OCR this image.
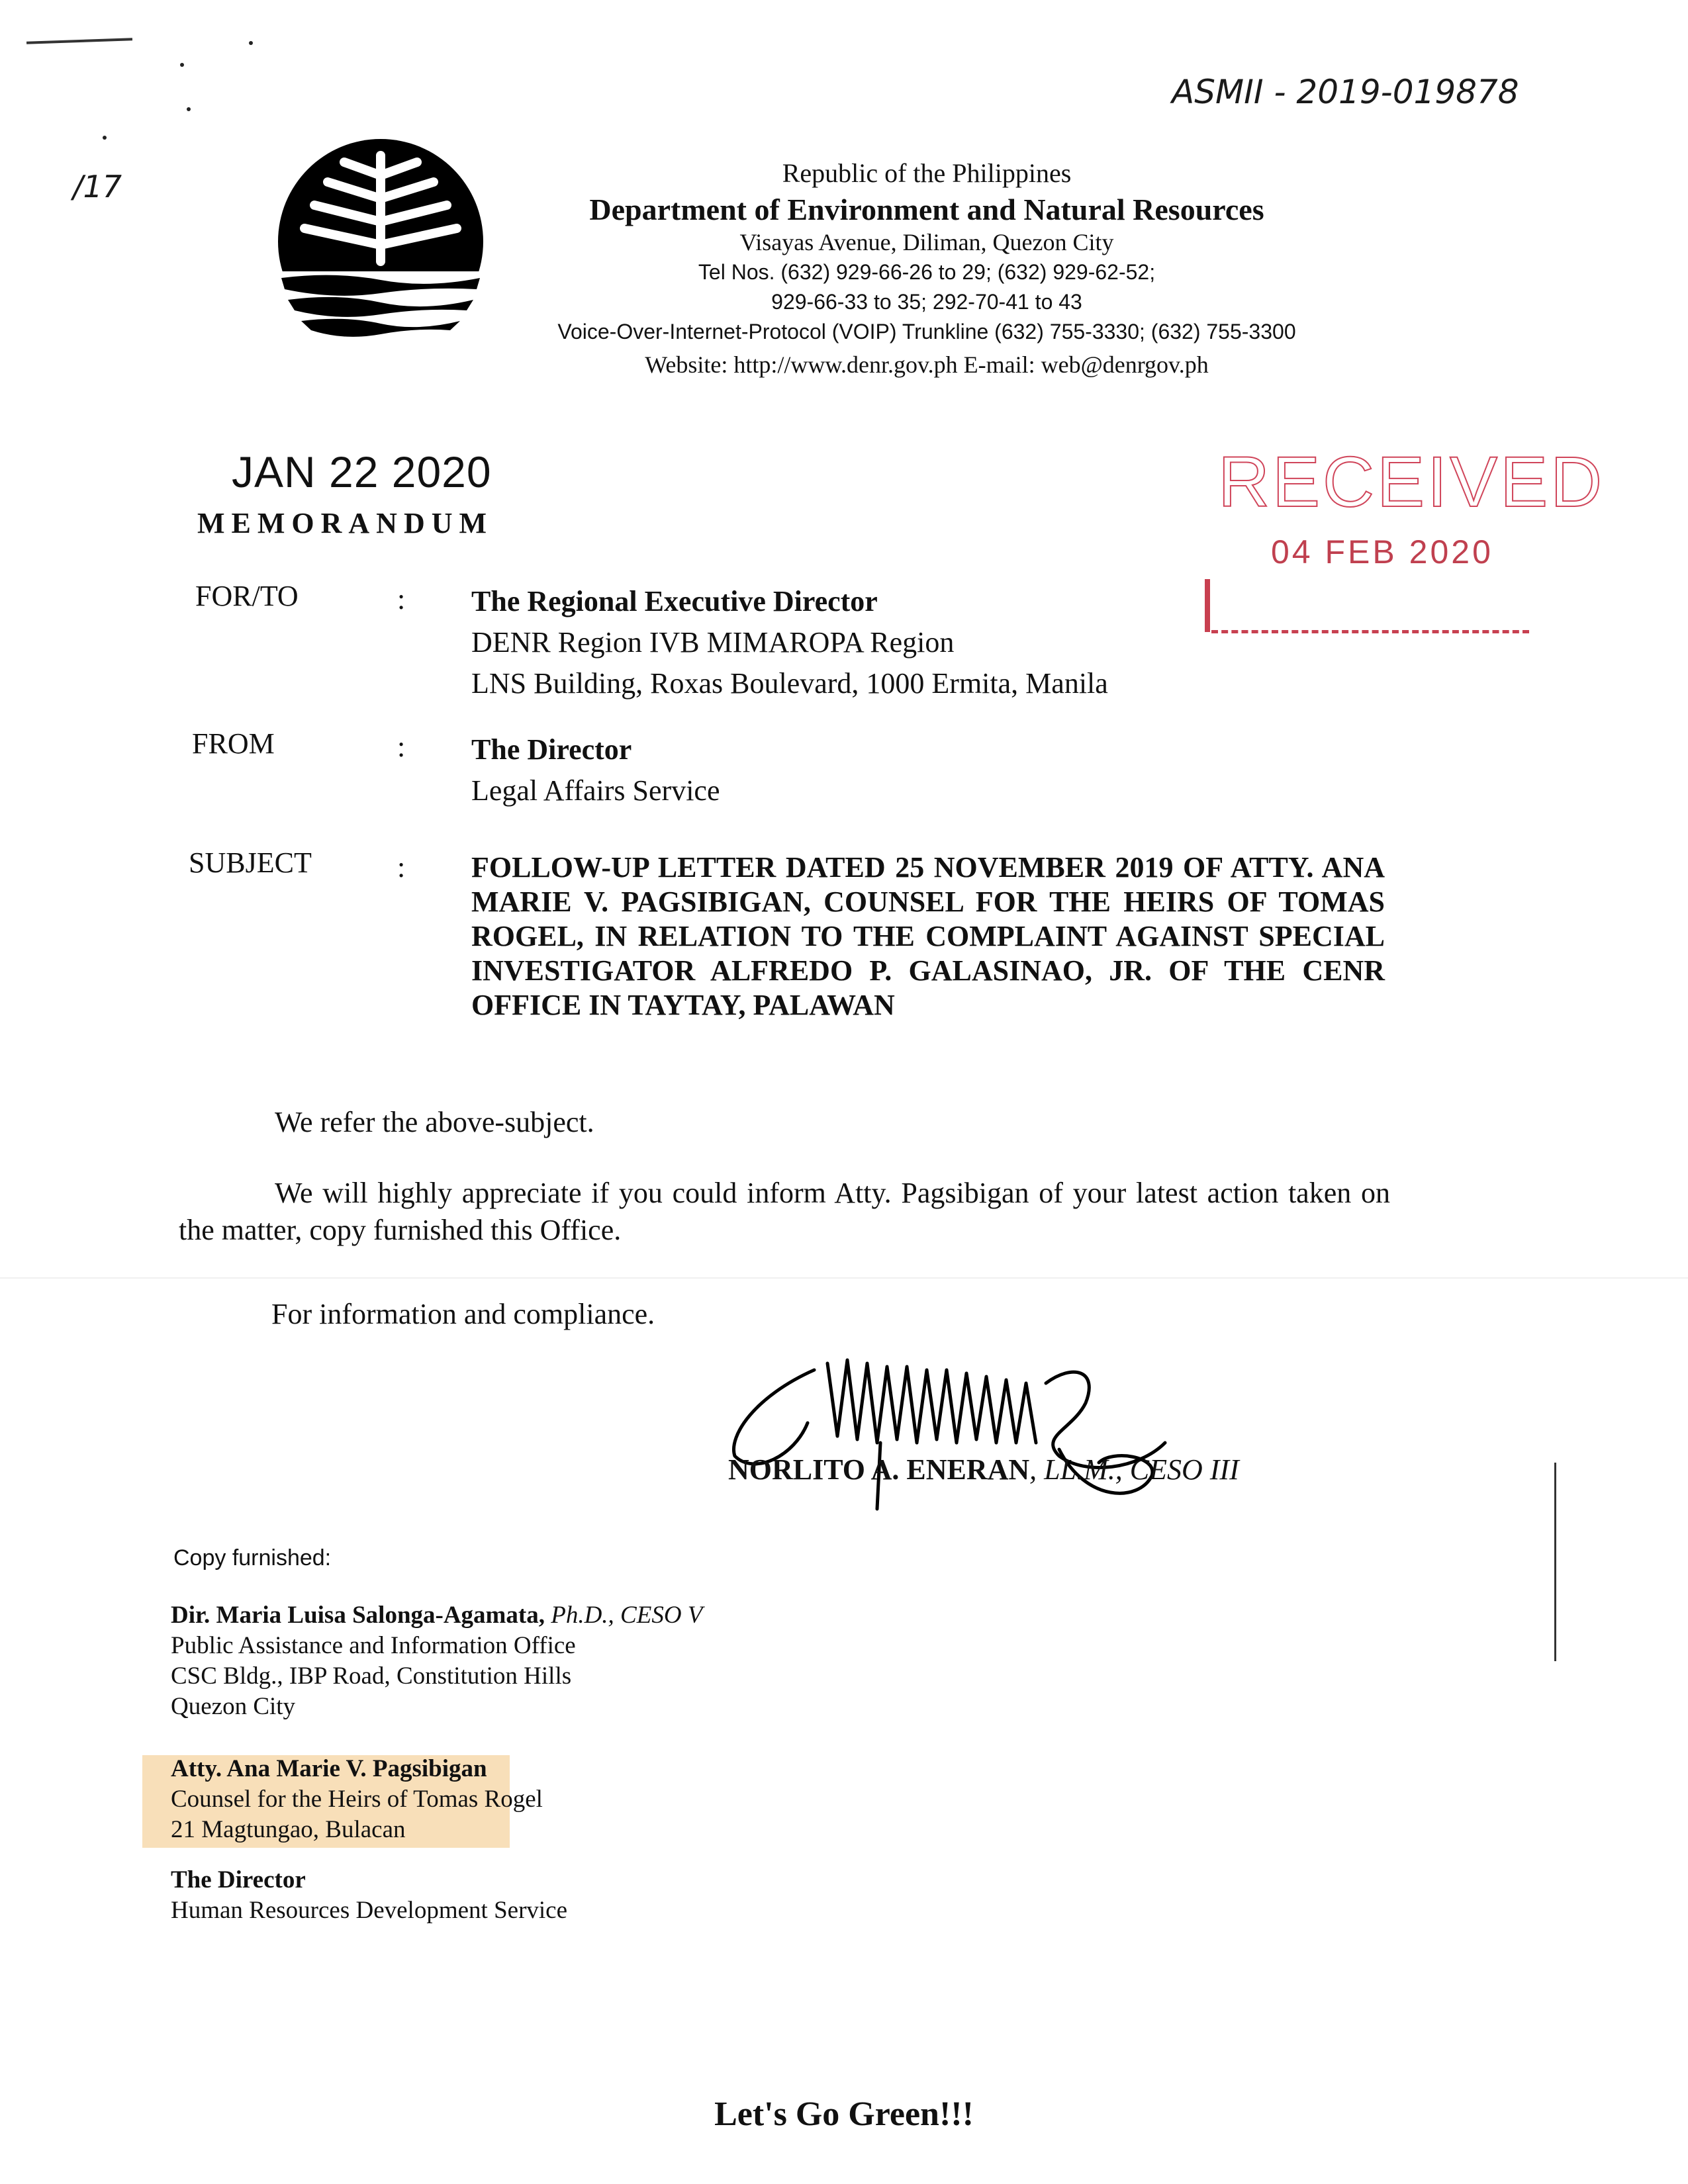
ASMII - 2019-019878
/17	Republic of the Philippines
Department of Environment and Natural Resources
Visayas Avenue, Diliman, Quezon City
Tel Nos. (632) 929-66-26 to 29; (632) 929-62-52;
929-66-33 to 35; 292-70-41 to 43
Voice-Over-Internet-Protocol (VOIP) Trunkline (632) 755-3330; (632) 755-3300
Website: http://www.denr.gov.ph E-mail: web@denrgov.ph
JAN 22 2020
MEMORANDUM
RECEIVED
04 FEB 2020
FOR/TO	: The Regional Executive Director
DENR Region IVB MIMAROPA Region
LNS Building, Roxas Boulevard, 1000 Ermita, Manila
FROM	: The Director
Legal Affairs Service
SUBJECT	: FOLLOW-UP LETTER DATED 25 NOVEMBER 2019 OF ATTY. ANA MARIE V. PAGSIBIGAN, COUNSEL FOR THE HEIRS OF TOMAS ROGEL, IN RELATION TO THE COMPLAINT AGAINST SPECIAL INVESTIGATOR ALFREDO P. GALASINAO, JR. OF THE CENR OFFICE IN TAYTAY, PALAWAN
We refer the above-subject.
We will highly appreciate if you could inform Atty. Pagsibigan of your latest action taken on the matter, copy furnished this Office.
For information and compliance.
NORLITO A. ENERAN, LL.M., CESO III
Copy furnished:
Dir. Maria Luisa Salonga-Agamata, Ph.D., CESO V
Public Assistance and Information Office
CSC Bldg., IBP Road, Constitution Hills
Quezon City
Atty. Ana Marie V. Pagsibigan
Counsel for the Heirs of Tomas Rogel
21 Magtungao, Bulacan
The Director
Human Resources Development Service
Let's Go Green!!!
